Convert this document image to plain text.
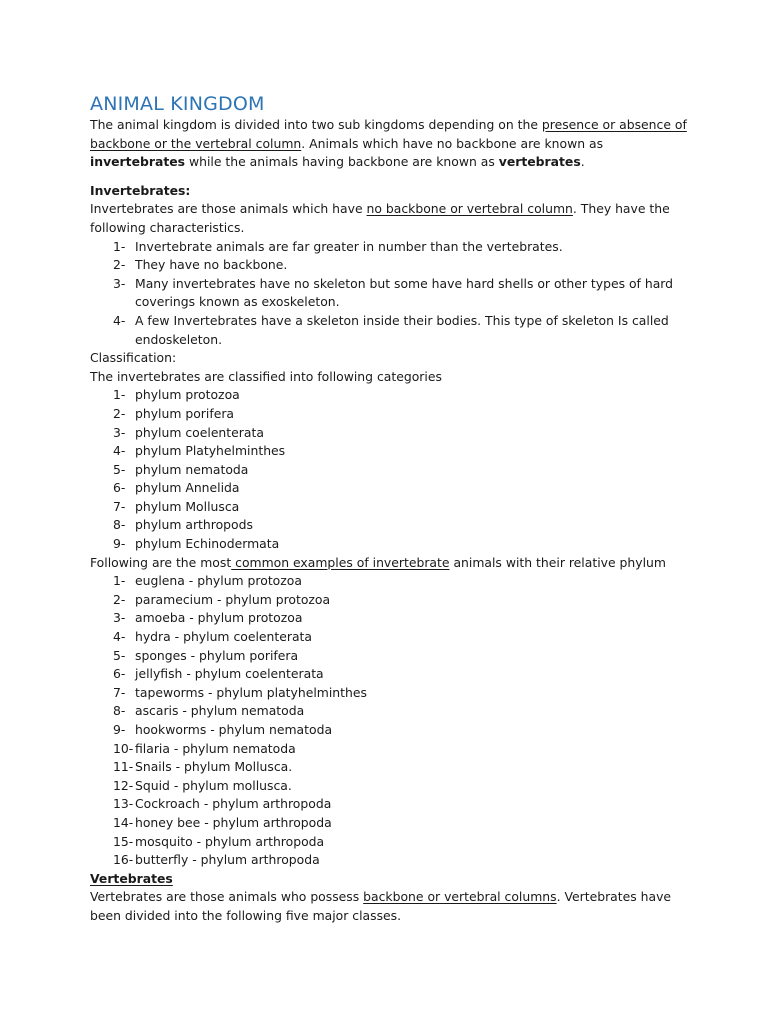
ANIMAL KINGDOM

The animal kingdom is divided into two sub kingdoms depending on the presence or absence of backbone or the vertebral column. Animals which have no backbone are known as invertebrates while the animals having backbone are known as vertebrates.

Invertebrates:

Invertebrates are those animals which have no backbone or vertebral column. They have the following characteristics.

1- Invertebrate animals are far greater in number than the vertebrates.
2- They have no backbone.
3- Many invertebrates have no skeleton but some have hard shells or other types of hard coverings known as exoskeleton.
4- A few Invertebrates have a skeleton inside their bodies. This type of skeleton Is called endoskeleton.

Classification:

The invertebrates are classified into following categories

1- phylum protozoa
2- phylum porifera
3- phylum coelenterata
4- phylum Platyhelminthes
5- phylum nematoda
6- phylum Annelida
7- phylum Mollusca
8- phylum arthropods
9- phylum Echinodermata

Following are the most common examples of invertebrate animals with their relative phylum

1- euglena - phylum protozoa
2- paramecium - phylum protozoa
3- amoeba - phylum protozoa
4- hydra - phylum coelenterata
5- sponges - phylum porifera
6- jellyfish - phylum coelenterata
7- tapeworms - phylum platyhelminthes
8- ascaris - phylum nematoda
9- hookworms - phylum nematoda
10- filaria - phylum nematoda
11- Snails - phylum Mollusca.
12- Squid - phylum mollusca.
13- Cockroach - phylum arthropoda
14- honey bee - phylum arthropoda
15- mosquito - phylum arthropoda
16- butterfly - phylum arthropoda

Vertebrates

Vertebrates are those animals who possess backbone or vertebral columns. Vertebrates have been divided into the following five major classes.
